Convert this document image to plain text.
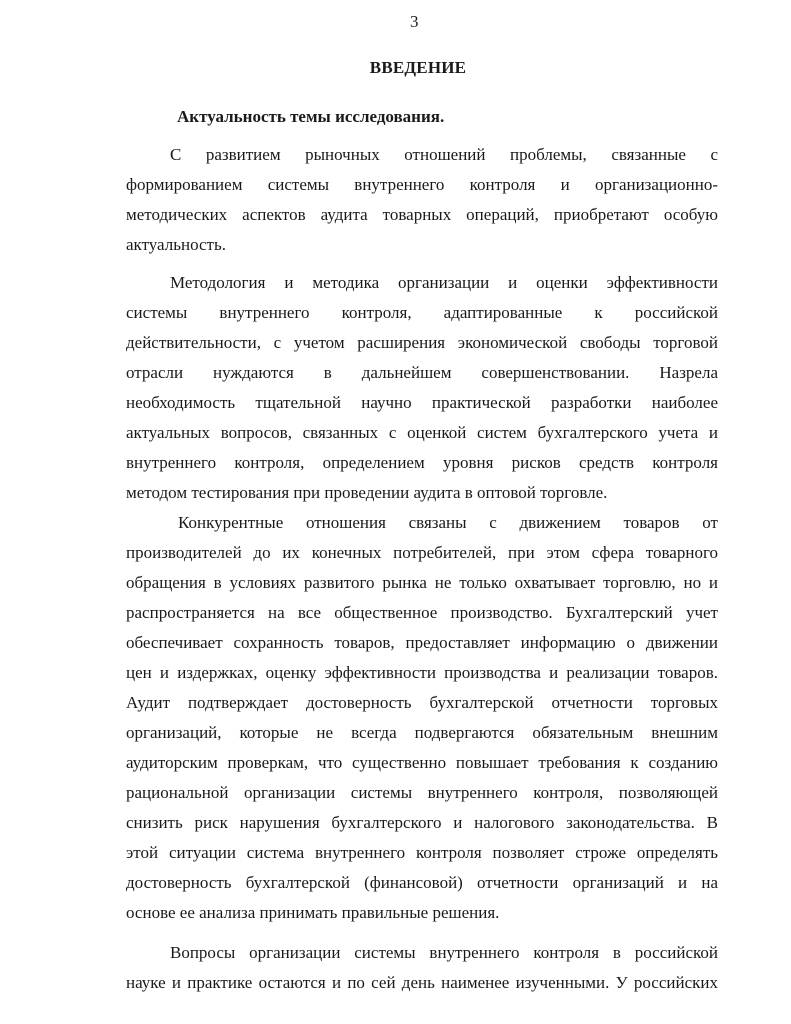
3
ВВЕДЕНИЕ
Актуальность темы исследования.
С развитием рыночных отношений проблемы, связанные с
формированием системы внутреннего контроля и организационно-
методических аспектов аудита товарных операций, приобретают особую
актуальность.
Методология и методика организации и оценки эффективности
системы внутреннего контроля, адаптированные к российской
действительности, с учетом расширения экономической свободы торговой
отрасли нуждаются в дальнейшем совершенствовании. Назрела
необходимость тщательной научно практической разработки наиболее
актуальных вопросов, связанных с оценкой систем бухгалтерского учета и
внутреннего контроля, определением уровня рисков средств контроля
методом тестирования при проведении аудита в оптовой торговле.
Конкурентные отношения связаны с движением товаров от
производителей до их конечных потребителей, при этом сфера товарного
обращения в условиях развитого рынка не только охватывает торговлю, но и
распространяется на все общественное производство. Бухгалтерский учет
обеспечивает сохранность товаров, предоставляет информацию о движении
цен и издержках, оценку эффективности производства и реализации товаров.
Аудит подтверждает достоверность бухгалтерской отчетности торговых
организаций, которые не всегда подвергаются обязательным внешним
аудиторским проверкам, что существенно повышает требования к созданию
рациональной организации системы внутреннего контроля, позволяющей
снизить риск нарушения бухгалтерского и налогового законодательства. В
этой ситуации система внутреннего контроля позволяет строже определять
достоверность бухгалтерской (финансовой) отчетности организаций и на
основе ее анализа принимать правильные решения.
Вопросы организации системы внутреннего контроля в российской
науке и практике остаются и по сей день наименее изученными. У российских
